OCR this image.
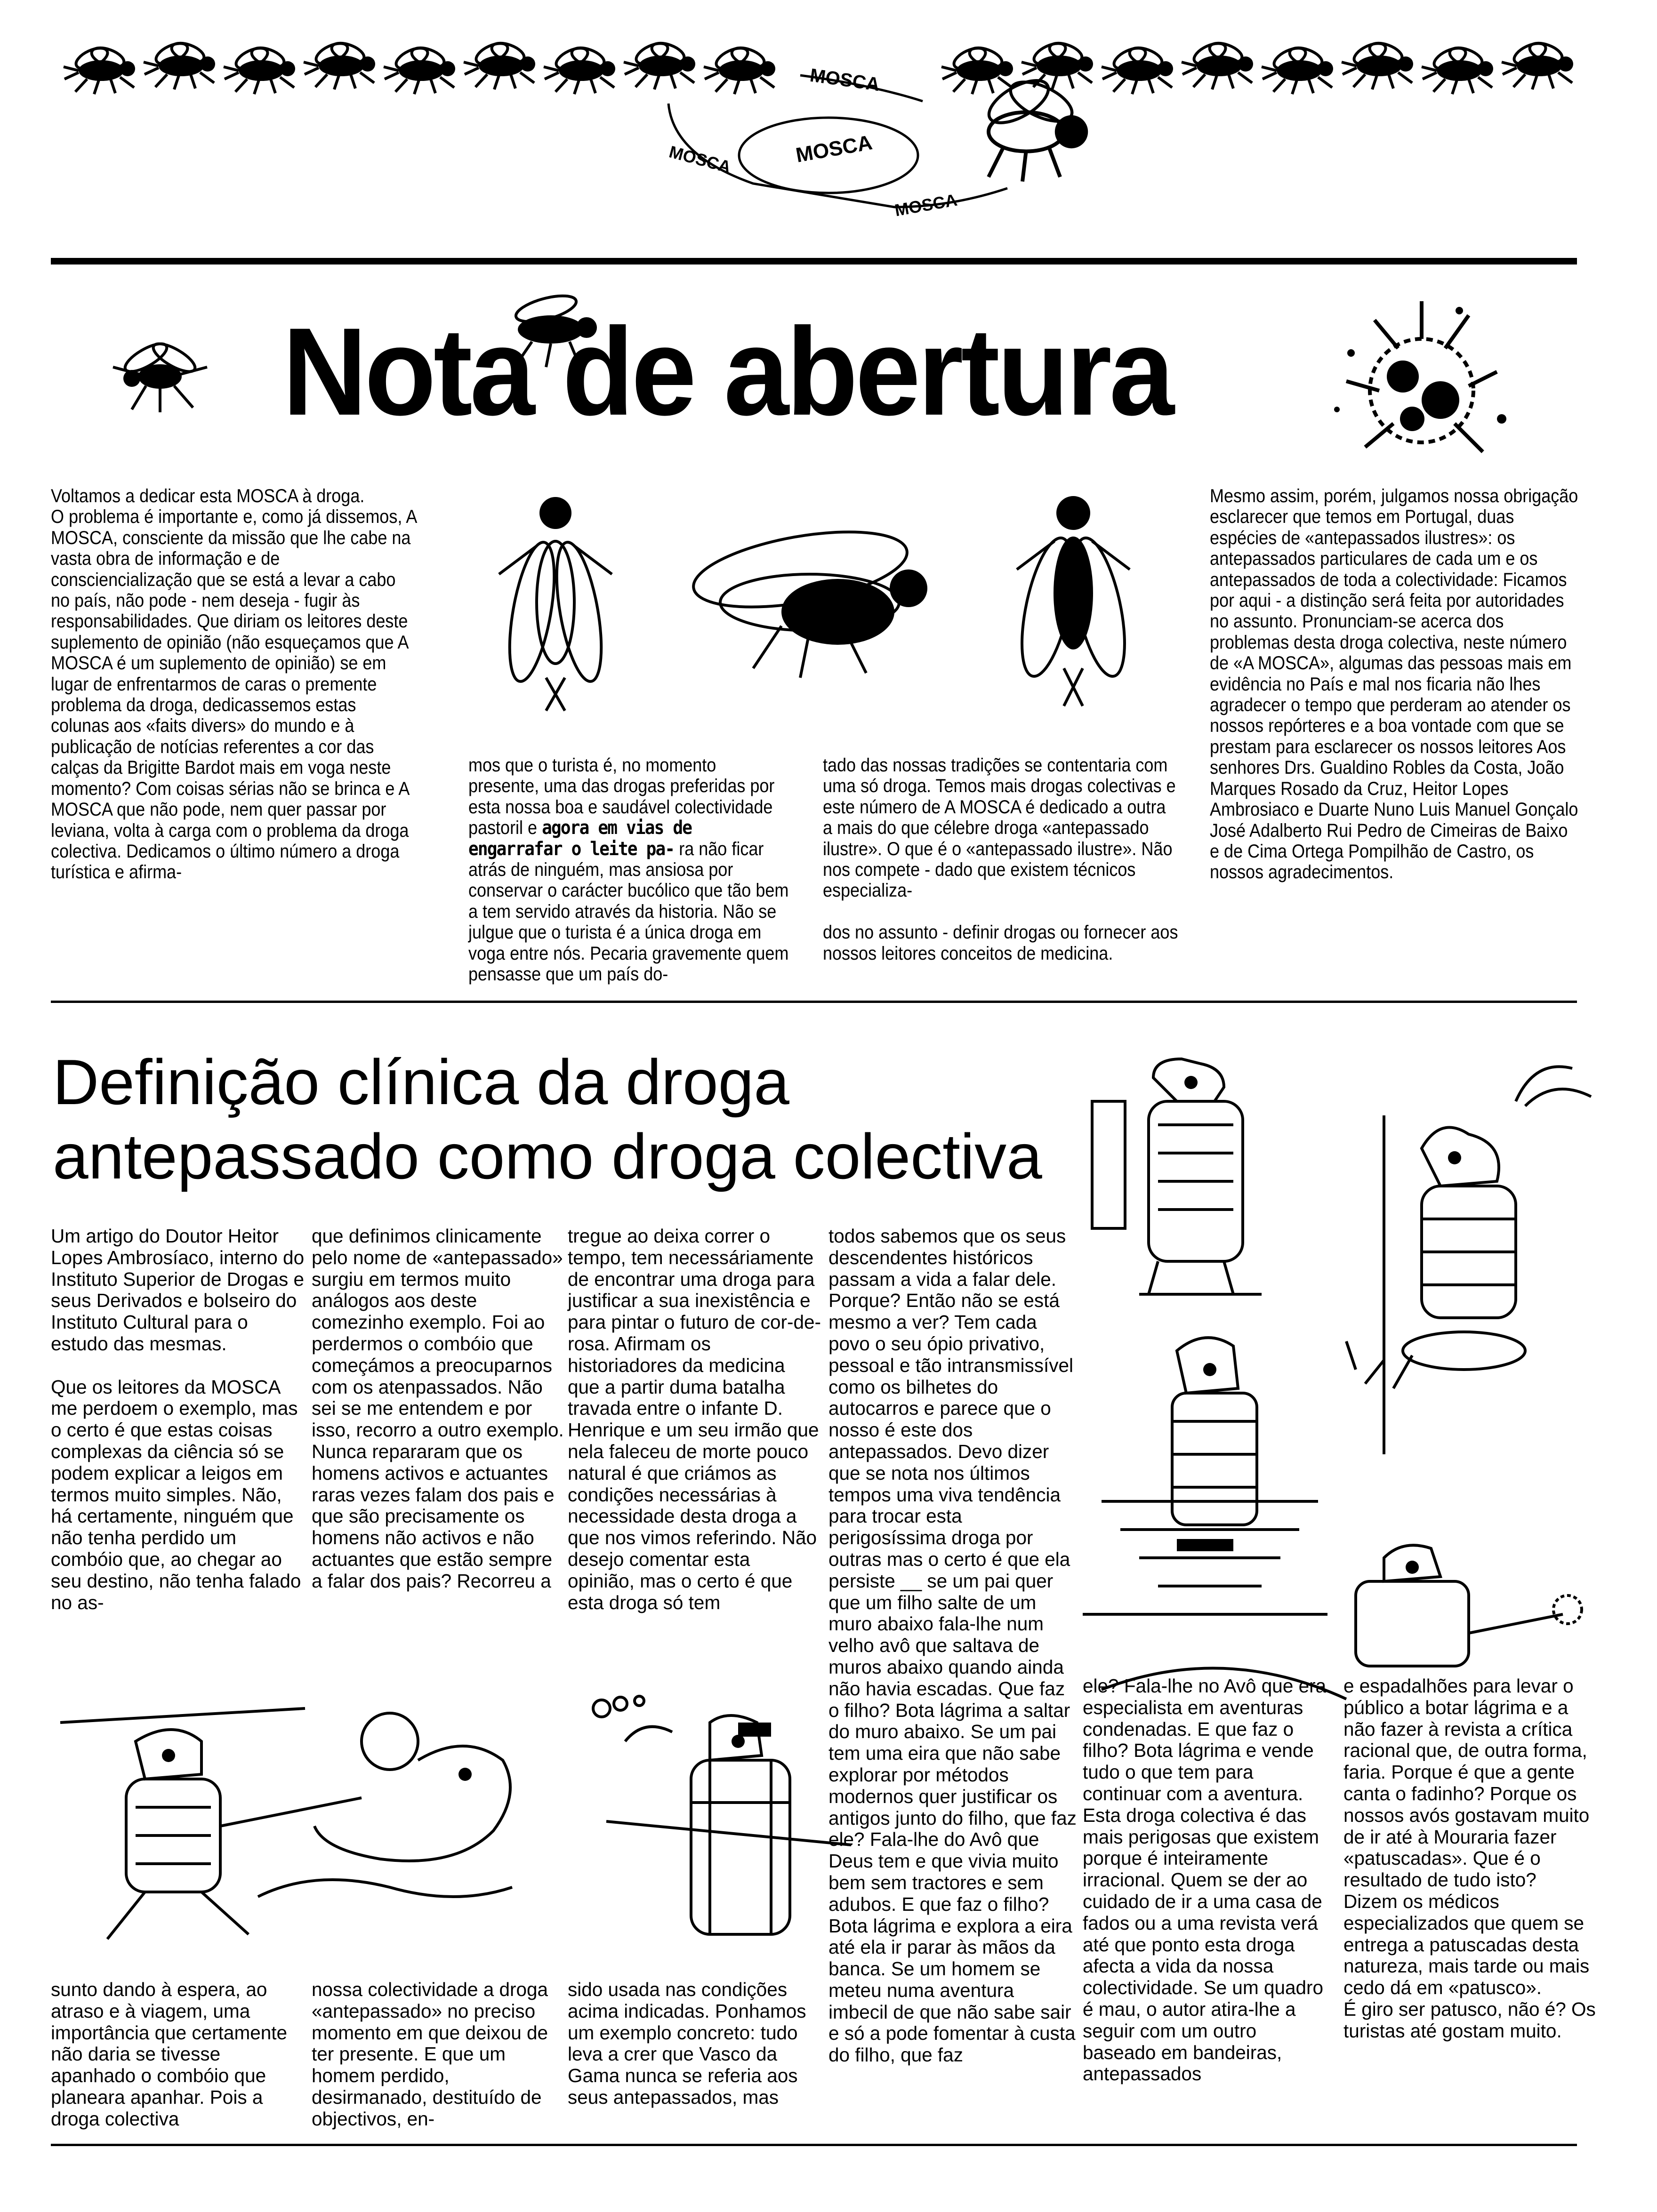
MOSCA
MOSCA	MOSCA
MOSCA
Nota de abertura
Voltamos a dedicar esta MOSCA à droga.
O problema é importante e, como já dissemos, A MOSCA, consciente da missão que lhe cabe na vasta obra de informação e de consciencialização que se está a levar a cabo no país, não pode - nem deseja - fugir às responsabilidades. Que diriam os leitores deste suplemento de opinião (não esqueçamos que A MOSCA é um suplemento de opinião) se em lugar de enfrentarmos de caras o premente problema da droga, dedicassemos estas colunas aos «faits divers» do mundo e à publicação de notícias referentes a cor das calças da Brigitte Bardot mais em voga neste momento? Com coisas sérias não se brinca e A MOSCA que não pode, nem quer passar por leviana, volta à carga com o problema da droga colectiva. Dedicamos o último número a droga turística e afirma-
mos que o turista é, no momento presente, uma das drogas preferidas por esta nossa boa e saudável colectividade pastoril e agora em vias de engarrafar o leite pa- ra não ficar atrás de ninguém, mas ansiosa por conservar o carácter bucólico que tão bem a tem servido através da historia. Não se julgue que o turista é a única droga em voga entre nós. Pecaria gravemente quem pensasse que um país do-
tado das nossas tradições se contentaria com uma só droga. Temos mais drogas colectivas e este número de A MOSCA é dedicado a outra a mais do que célebre droga «antepassado ilustre». O que é o «antepassado ilustre». Não nos compete - dado que existem técnicos especializa-

dos no assunto - definir drogas ou fornecer aos nossos leitores conceitos de medicina.
Mesmo assim, porém, julgamos nossa obrigação esclarecer que temos em Portugal, duas espécies de «antepassados ilustres»: os antepassados particulares de cada um e os antepassados de toda a colectividade: Ficamos por aqui - a distinção será feita por autoridades no assunto. Pronunciam-se acerca dos problemas desta droga colectiva, neste número de «A MOSCA», algumas das pessoas mais em evidência no País e mal nos ficaria não lhes agradecer o tempo que perderam ao atender os nossos repórteres e a boa vontade com que se prestam para esclarecer os nossos leitores Aos senhores Drs. Gualdino Robles da Costa, João Marques Rosado da Cruz, Heitor Lopes Ambrosiaco e Duarte Nuno Luis Manuel Gonçalo José Adalberto Rui Pedro de Cimeiras de Baixo e de Cima Ortega Pompilhão de Castro, os nossos agradecimentos.
Definição clínica da droga
antepassado como droga colectiva
Um artigo do Doutor Heitor Lopes Ambrosíaco, interno do Instituto Superior de Drogas e seus Derivados e bolseiro do Instituto Cultural para o estudo das mesmas.

Que os leitores da MOSCA me perdoem o exemplo, mas o certo é que estas coisas complexas da ciência só se podem explicar a leigos em termos muito simples. Não, há certamente, ninguém que não tenha perdido um combóio que, ao chegar ao seu destino, não tenha falado no as-
que definimos clinicamente pelo nome de «antepassado» surgiu em termos muito análogos aos deste comezinho exemplo. Foi ao perdermos o combóio que começámos a preocuparnos com os atenpassados. Não sei se me entendem e por isso, recorro a outro exemplo. Nunca repararam que os homens activos e actuantes raras vezes falam dos pais e que são precisamente os homens não activos e não actuantes que estão sempre a falar dos pais? Recorreu a
tregue ao deixa correr o tempo, tem necessáriamente de encontrar uma droga para justificar a sua inexistência e para pintar o futuro de cor-de-rosa. Afirmam os historiadores da medicina que a partir duma batalha travada entre o infante D. Henrique e um seu irmão que nela faleceu de morte pouco natural é que criámos as condições necessárias à necessidade desta droga a que nos vimos referindo. Não desejo comentar esta opinião, mas o certo é que esta droga só tem
todos sabemos que os seus descendentes históricos passam a vida a falar dele. Porque? Então não se está mesmo a ver? Tem cada povo o seu ópio privativo, pessoal e tão intransmissível como os bilhetes do autocarros e parece que o nosso é este dos antepassados. Devo dizer que se nota nos últimos tempos uma viva tendência para trocar esta perigosíssima droga por outras mas o certo é que ela persiste __ se um pai quer que um filho salte de um muro abaixo fala-lhe num velho avô que saltava de muros abaixo quando ainda não havia escadas. Que faz o filho? Bota lágrima a saltar do muro abaixo. Se um pai tem uma eira que não sabe explorar por métodos modernos quer justificar os antigos junto do filho, que faz ele? Fala-lhe do Avô que Deus tem e que vivia muito bem sem tractores e sem adubos. E que faz o filho? Bota lágrima e explora a eira até ela ir parar às mãos da banca. Se um homem se meteu numa aventura imbecil de que não sabe sair e só a pode fomentar à custa do filho, que faz
ele? Fala-lhe no Avô que era especialista em aventuras condenadas. E que faz o filho? Bota lágrima e vende tudo o que tem para continuar com a aventura.
Esta droga colectiva é das mais perigosas que existem porque é inteiramente irracional. Quem se der ao cuidado de ir a uma casa de fados ou a uma revista verá até que ponto esta droga afecta a vida da nossa colectividade. Se um quadro é mau, o autor atira-lhe a seguir com um outro baseado em bandeiras, antepassados
e espadalhões para levar o público a botar lágrima e a não fazer à revista a crítica racional que, de outra forma, faria. Porque é que a gente canta o fadinho? Porque os nossos avós gostavam muito de ir até à Mouraria fazer «patuscadas». Que é o resultado de tudo isto?
Dizem os médicos especializados que quem se entrega a patuscadas desta natureza, mais tarde ou mais cedo dá em «patusco».
É giro ser patusco, não é? Os turistas até gostam muito.
sunto dando à espera, ao atraso e à viagem, uma importância que certamente não daria se tivesse apanhado o combóio que planeara apanhar. Pois a droga colectiva
nossa colectividade a droga «antepassado» no preciso momento em que deixou de ter presente. E que um homem perdido, desirmanado, destituído de objectivos, en-
sido usada nas condições acima indicadas. Ponhamos um exemplo concreto: tudo leva a crer que Vasco da Gama nunca se referia aos seus antepassados, mas
